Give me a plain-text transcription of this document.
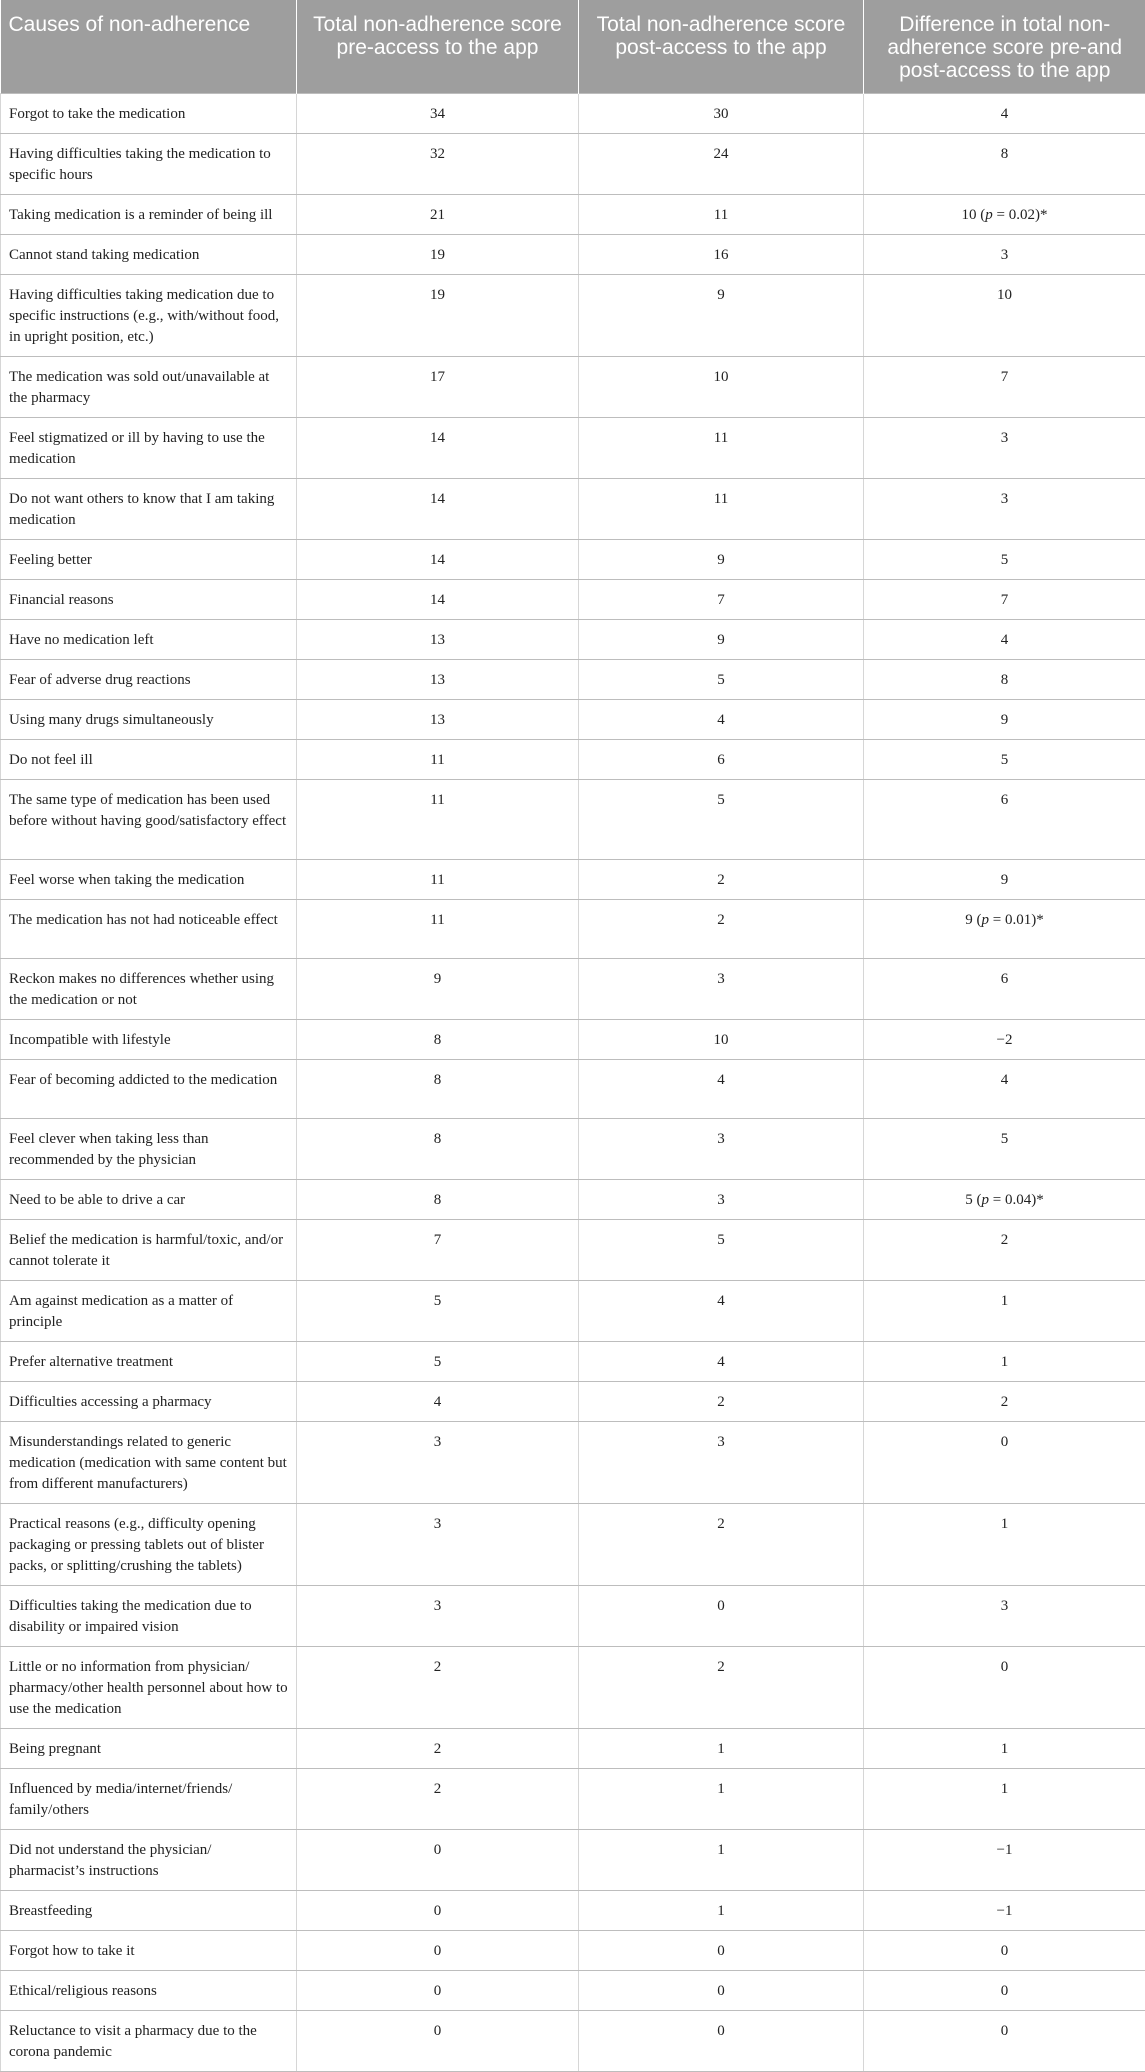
Causes of non-adherence	Total non-adherence score pre-access to the app	Total non-adherence score post-access to the app	Difference in total non-adherence score pre-and post-access to the app
Forgot to take the medication	34	30	4
Having difficulties taking the medication to specific hours	32	24	8
Taking medication is a reminder of being ill	21	11	10 (p = 0.02)*
Cannot stand taking medication	19	16	3
Having difficulties taking medication due to specific instructions (e.g., with/without food, in upright position, etc.)	19	9	10
The medication was sold out/unavailable at the pharmacy	17	10	7
Feel stigmatized or ill by having to use the medication	14	11	3
Do not want others to know that I am taking medication	14	11	3
Feeling better	14	9	5
Financial reasons	14	7	7
Have no medication left	13	9	4
Fear of adverse drug reactions	13	5	8
Using many drugs simultaneously	13	4	9
Do not feel ill	11	6	5
The same type of medication has been used before without having good/satisfactory effect	11	5	6
Feel worse when taking the medication	11	2	9
The medication has not had noticeable effect	11	2	9 (p = 0.01)*
Reckon makes no differences whether using the medication or not	9	3	6
Incompatible with lifestyle	8	10	−2
Fear of becoming addicted to the medication	8	4	4
Feel clever when taking less than recommended by the physician	8	3	5
Need to be able to drive a car	8	3	5 (p = 0.04)*
Belief the medication is harmful/toxic, and/or cannot tolerate it	7	5	2
Am against medication as a matter of principle	5	4	1
Prefer alternative treatment	5	4	1
Difficulties accessing a pharmacy	4	2	2
Misunderstandings related to generic medication (medication with same content but from different manufacturers)	3	3	0
Practical reasons (e.g., difficulty opening packaging or pressing tablets out of blister packs, or splitting/crushing the tablets)	3	2	1
Difficulties taking the medication due to disability or impaired vision	3	0	3
Little or no information from physician/ pharmacy/other health personnel about how to use the medication	2	2	0
Being pregnant	2	1	1
Influenced by media/internet/friends/ family/others	2	1	1
Did not understand the physician/ pharmacist’s instructions	0	1	−1
Breastfeeding	0	1	−1
Forgot how to take it	0	0	0
Ethical/religious reasons	0	0	0
Reluctance to visit a pharmacy due to the corona pandemic	0	0	0
